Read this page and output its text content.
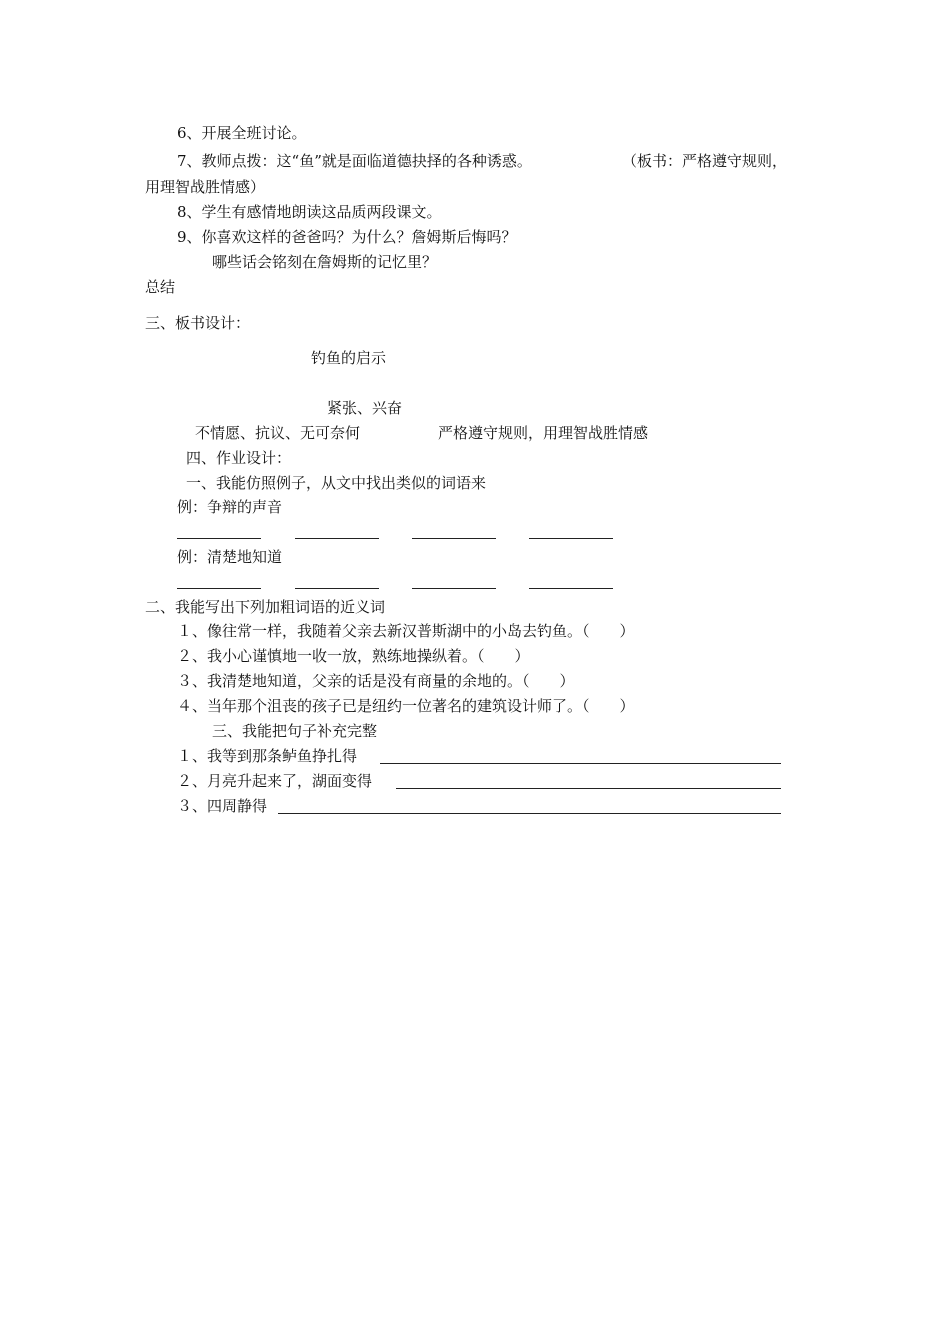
6、开展全班讨论。

7、教师点拨：这“鱼”就是面临道德抉择的各种诱惑。	（板书：严格遵守规则，

用理智战胜情感）

8、学生有感情地朗读这品质两段课文。

9、你喜欢这样的爸爸吗？为什么？詹姆斯后悔吗？

哪些话会铭刻在詹姆斯的记忆里？

总结

三、板书设计：

钓鱼的启示

紧张、兴奋

不情愿、抗议、无可奈何	严格遵守规则，用理智战胜情感

四、作业设计：

一、我能仿照例子，从文中找出类似的词语来

例：争辩的声音

例：清楚地知道

二、我能写出下列加粗词语的近义词

１、像往常一样，我随着父亲去新汉普斯湖中的小岛去钓鱼。（　　）

２、我小心谨慎地一收一放，熟练地操纵着。（　　）

３、我清楚地知道，父亲的话是没有商量的余地的。（　　）

４、当年那个沮丧的孩子已是纽约一位著名的建筑设计师了。（　　）

三、我能把句子补充完整

１、我等到那条鲈鱼挣扎得

２、月亮升起来了，湖面变得

３、四周静得
